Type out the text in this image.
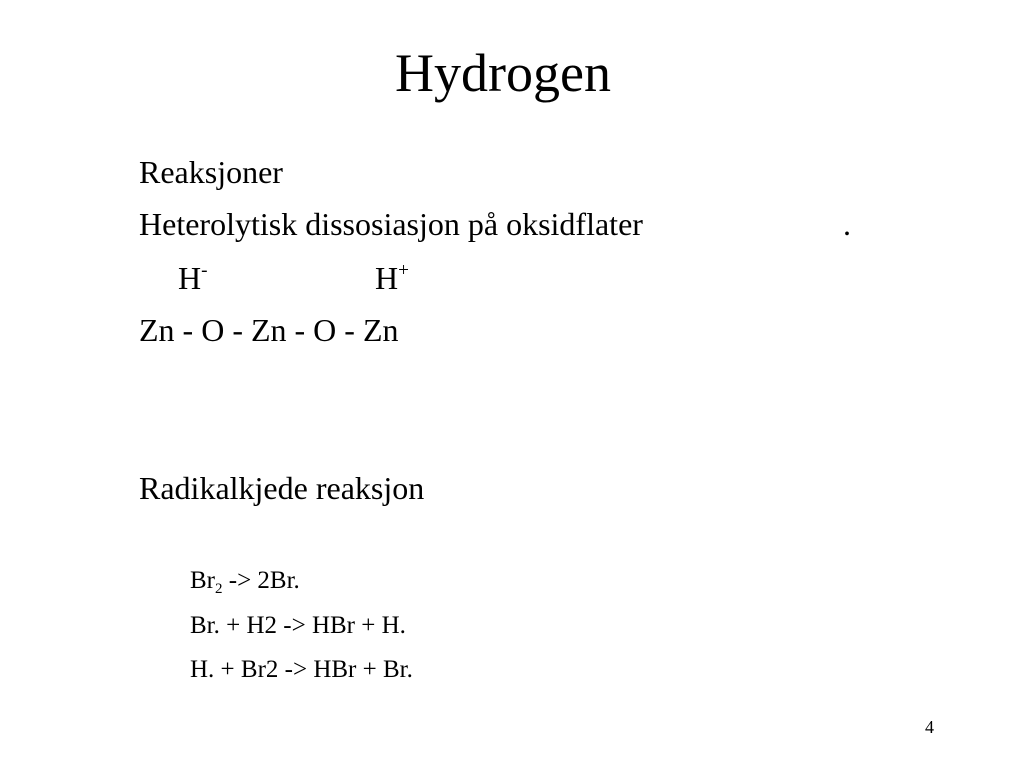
Hydrogen
Reaksjoner
Heterolytisk dissosiasjon på oksidflater	.
H-	H+
Zn - O - Zn - O - Zn
Radikalkjede reaksjon
$Br_2 -> 2Br$.
Br. + H2 -> HBr + H.
H. + Br2 -> HBr + Br.
4
